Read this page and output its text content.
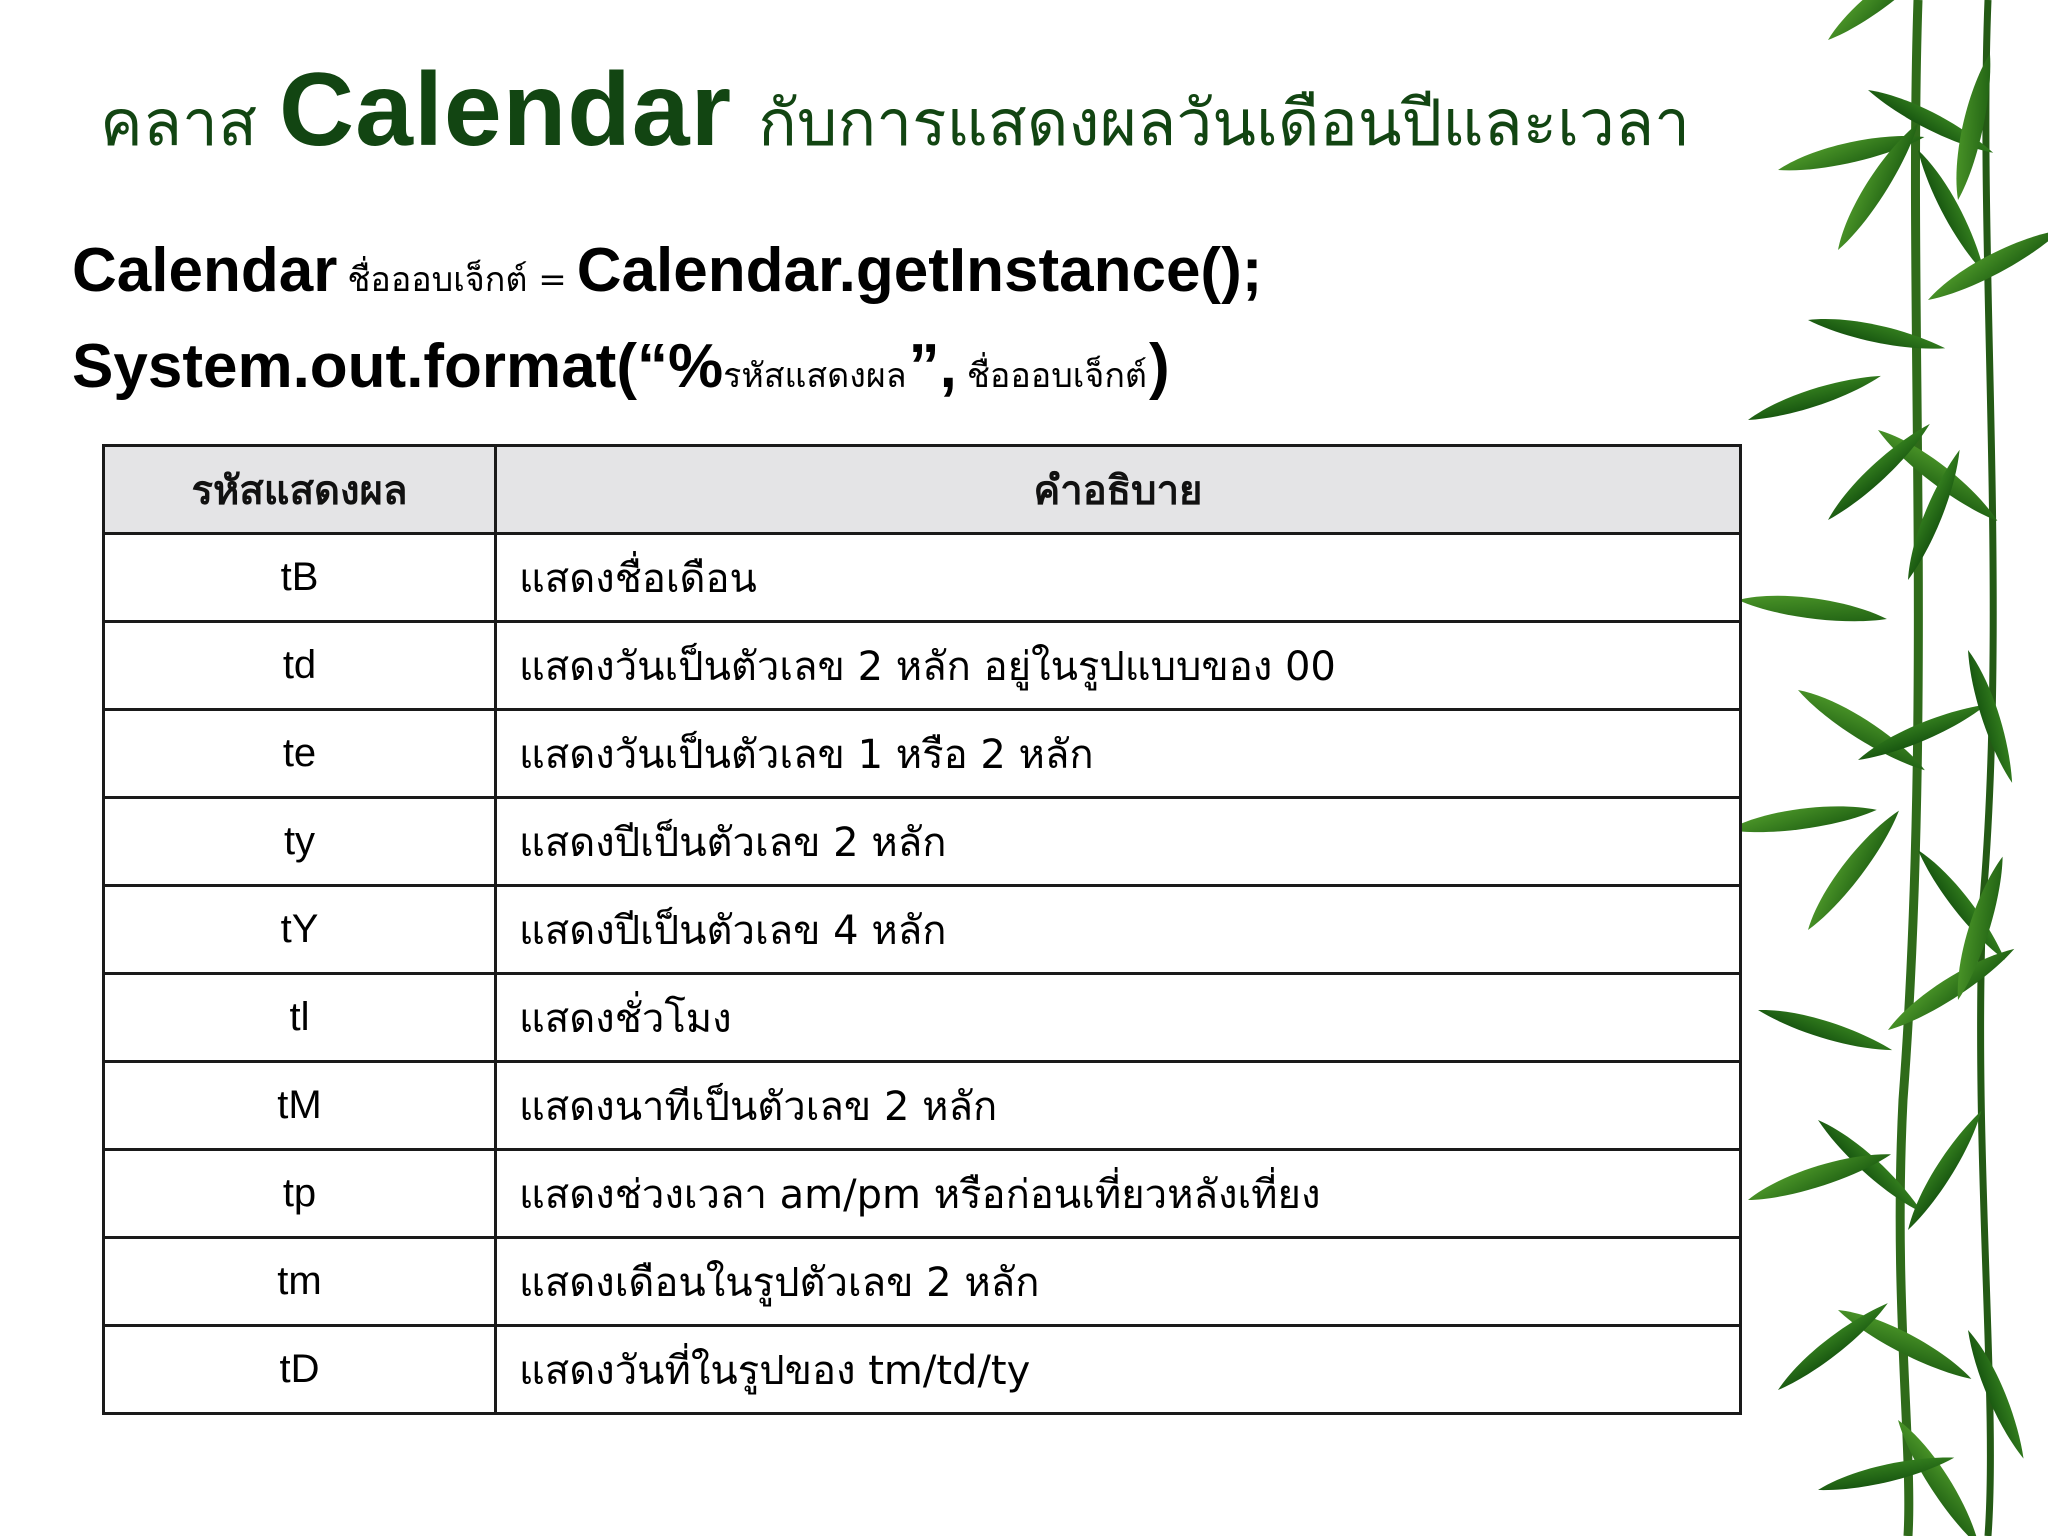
คลาส Calendar กับการแสดงผลวันเดือนปีและเวลา
Calendar ชื่อออบเจ็กต์ = Calendar.getInstance();
System.out.format(“%รหัสแสดงผล”, ชื่อออบเจ็กต์)
รหัสแสดงผล	คำอธิบาย
tB	แสดงชื่อเดือน
td	แสดงวันเป็นตัวเลข 2 หลัก อยู่ในรูปแบบของ 00
te	แสดงวันเป็นตัวเลข 1 หรือ 2 หลัก
ty	แสดงปีเป็นตัวเลข 2 หลัก
tY	แสดงปีเป็นตัวเลข 4 หลัก
tl	แสดงชั่วโมง
tM	แสดงนาทีเป็นตัวเลข 2 หลัก
tp	แสดงช่วงเวลา am/pm หรือก่อนเที่ยวหลังเที่ยง
tm	แสดงเดือนในรูปตัวเลข 2 หลัก
tD	แสดงวันที่ในรูปของ tm/td/ty
